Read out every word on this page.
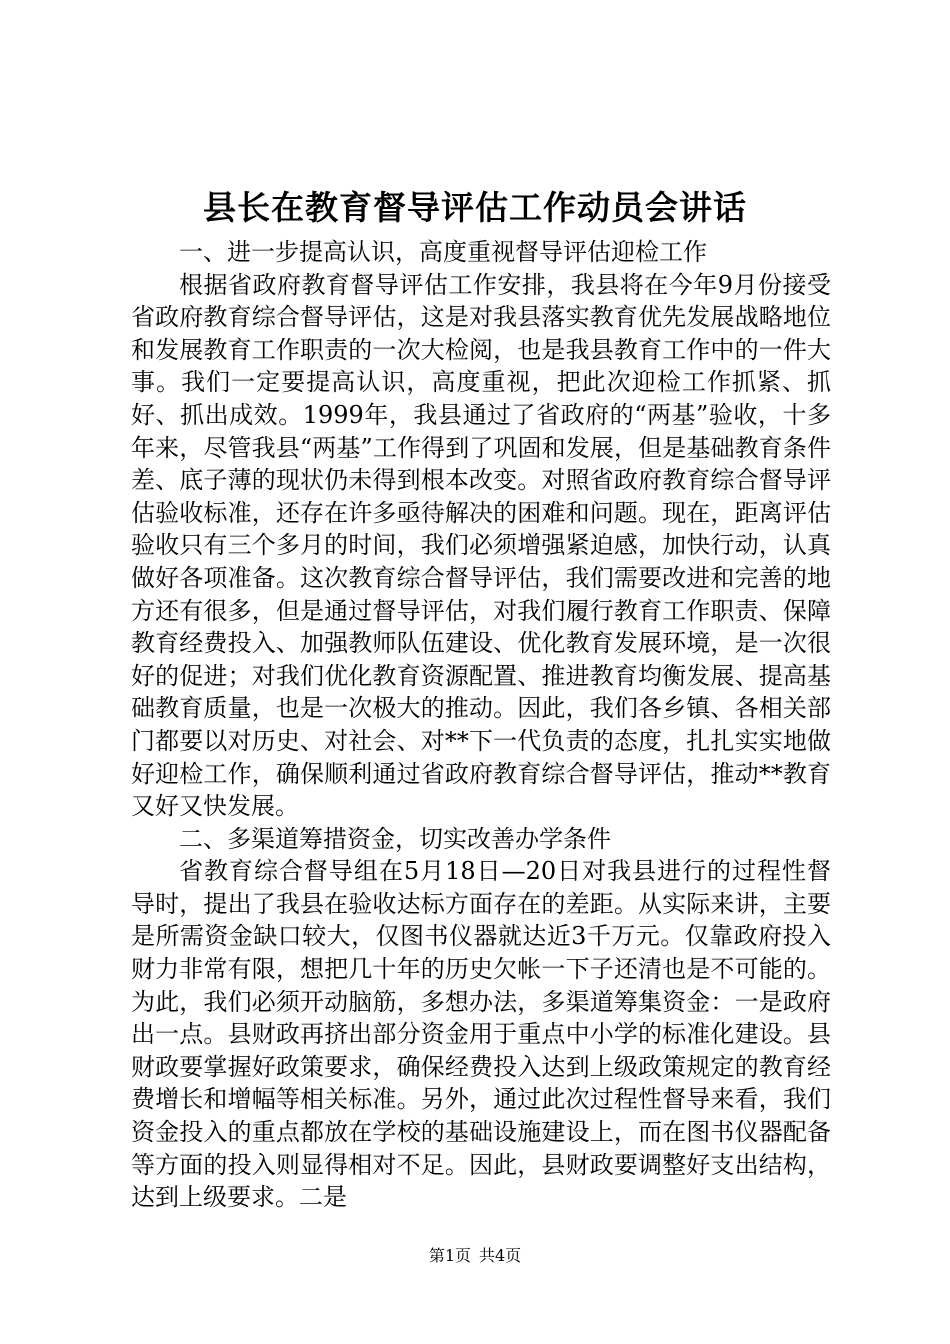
县长在教育督导评估工作动员会讲话

一、进一步提高认识，高度重视督导评估迎检工作

根据省政府教育督导评估工作安排，我县将在今年9月份接受省政府教育综合督导评估，这是对我县落实教育优先发展战略地位和发展教育工作职责的一次大检阅，也是我县教育工作中的一件大事。我们一定要提高认识，高度重视，把此次迎检工作抓紧、抓好、抓出成效。1999年，我县通过了省政府的“两基”验收，十多年来，尽管我县“两基”工作得到了巩固和发展，但是基础教育条件差、底子薄的现状仍未得到根本改变。对照省政府教育综合督导评估验收标准，还存在许多亟待解决的困难和问题。现在，距离评估验收只有三个多月的时间，我们必须增强紧迫感，加快行动，认真做好各项准备。这次教育综合督导评估，我们需要改进和完善的地方还有很多，但是通过督导评估，对我们履行教育工作职责、保障教育经费投入、加强教师队伍建设、优化教育发展环境，是一次很好的促进；对我们优化教育资源配置、推进教育均衡发展、提高基础教育质量，也是一次极大的推动。因此，我们各乡镇、各相关部门都要以对历史、对社会、对**下一代负责的态度，扎扎实实地做好迎检工作，确保顺利通过省政府教育综合督导评估，推动**教育又好又快发展。

二、多渠道筹措资金，切实改善办学条件

省教育综合督导组在5月18日—20日对我县进行的过程性督导时，提出了我县在验收达标方面存在的差距。从实际来讲，主要是所需资金缺口较大，仅图书仪器就达近3千万元。仅靠政府投入财力非常有限，想把几十年的历史欠帐一下子还清也是不可能的。为此，我们必须开动脑筋，多想办法，多渠道筹集资金：一是政府出一点。县财政再挤出部分资金用于重点中小学的标准化建设。县财政要掌握好政策要求，确保经费投入达到上级政策规定的教育经费增长和增幅等相关标准。另外，通过此次过程性督导来看，我们资金投入的重点都放在学校的基础设施建设上，而在图书仪器配备等方面的投入则显得相对不足。因此，县财政要调整好支出结构，达到上级要求。二是

第1页 共4页
